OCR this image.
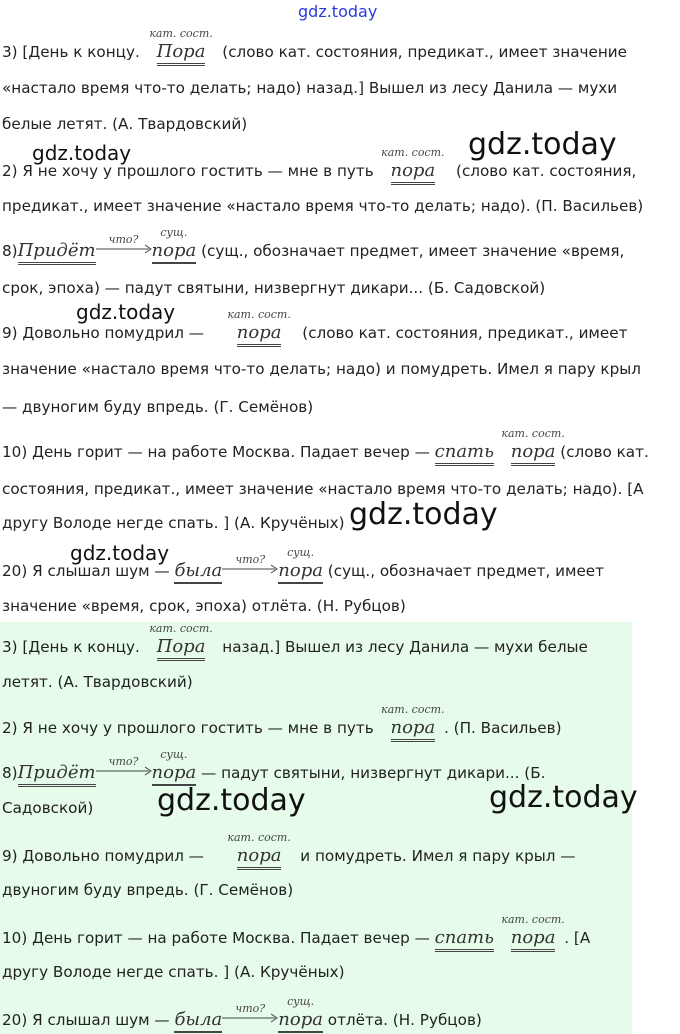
gdz.today
3) [День к концу.
кат. сост.
Пора (слово кат. состояния, предикат., имеет значение
«настало время что-то делать; надо) назад.] Вышел из лесу Данила — мухи
белые летят. (А. Твардовский)
gdz.today	gdz.today
2) Я не хочу у прошлого гостить — мне в путь
кат. сост.
пора (слово кат. состояния,
предикат., имеет значение «настало время что-то делать; надо). (П. Васильев)
8)Придёт
что?
сущ.
пора (сущ., обозначает предмет, имеет значение «время,
срок, эпоха) — падут святыни, низвергнут дикари... (Б. Садовской)
gdz.today
9) Довольно помудрил —
кат. сост.
пора (слово кат. состояния, предикат., имеет
значение «настало время что-то делать; надо) и помудреть. Имел я пару крыл
— двуногим буду впредь. (Г. Семёнов)
10) День горит — на работе Москва. Падает вечер — спать
кат. сост.
пора (слово кат.
состояния, предикат., имеет значение «настало время что-то делать; надо). [А
другу Володе негде спать. ] (А. Кручёных) gdz.today
gdz.today
20) Я слышал шум — была
что?
сущ.
пора (сущ., обозначает предмет, имеет
значение «время, срок, эпоха) отлёта. (Н. Рубцов)
3) [День к концу.
кат. сост.
Пора назад.] Вышел из лесу Данила — мухи белые
летят. (А. Твардовский)
2) Я не хочу у прошлого гостить — мне в путь
кат. сост.
пора . (П. Васильев)
8)Придёт
что?
сущ.
пора — падут святыни, низвергнут дикари... (Б.
Садовской) gdz.today	gdz.today
9) Довольно помудрил —
кат. сост.
пора и помудреть. Имел я пару крыл —
двуногим буду впредь. (Г. Семёнов)
10) День горит — на работе Москва. Падает вечер — спать
кат. сост.
пора . [А
другу Володе негде спать. ] (А. Кручёных)
20) Я слышал шум — была
что?
сущ.
пора отлёта. (Н. Рубцов)
